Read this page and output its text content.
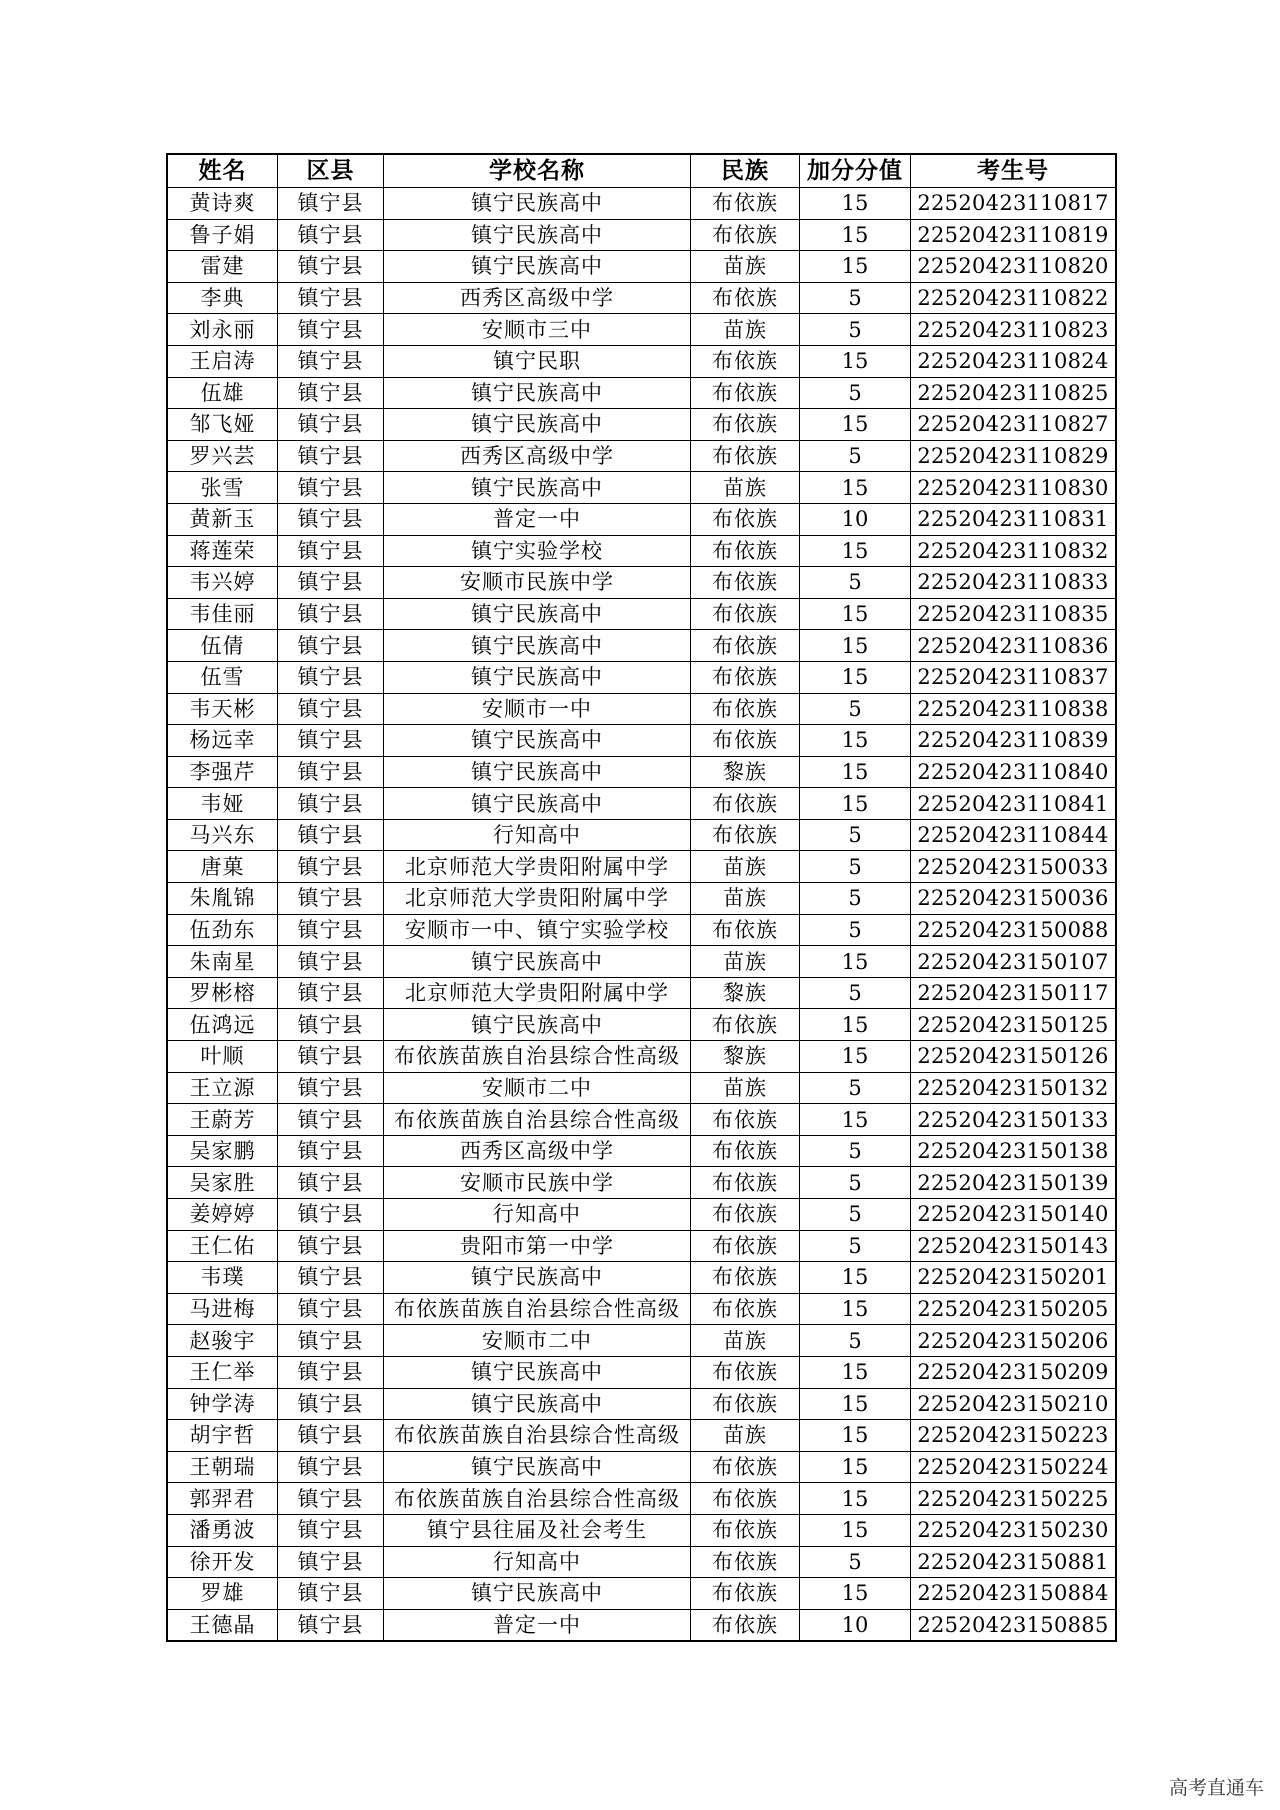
姓名	区县	学校名称	民族	加分分值	考生号
黄诗爽	镇宁县	镇宁民族高中	布依族	15	22520423110817
鲁子娟	镇宁县	镇宁民族高中	布依族	15	22520423110819
雷建	镇宁县	镇宁民族高中	苗族	15	22520423110820
李典	镇宁县	西秀区高级中学	布依族	5	22520423110822
刘永丽	镇宁县	安顺市三中	苗族	5	22520423110823
王启涛	镇宁县	镇宁民职	布依族	15	22520423110824
伍雄	镇宁县	镇宁民族高中	布依族	5	22520423110825
邹飞娅	镇宁县	镇宁民族高中	布依族	15	22520423110827
罗兴芸	镇宁县	西秀区高级中学	布依族	5	22520423110829
张雪	镇宁县	镇宁民族高中	苗族	15	22520423110830
黄新玉	镇宁县	普定一中	布依族	10	22520423110831
蒋莲荣	镇宁县	镇宁实验学校	布依族	15	22520423110832
韦兴婷	镇宁县	安顺市民族中学	布依族	5	22520423110833
韦佳丽	镇宁县	镇宁民族高中	布依族	15	22520423110835
伍倩	镇宁县	镇宁民族高中	布依族	15	22520423110836
伍雪	镇宁县	镇宁民族高中	布依族	15	22520423110837
韦天彬	镇宁县	安顺市一中	布依族	5	22520423110838
杨远幸	镇宁县	镇宁民族高中	布依族	15	22520423110839
李强芹	镇宁县	镇宁民族高中	黎族	15	22520423110840
韦娅	镇宁县	镇宁民族高中	布依族	15	22520423110841
马兴东	镇宁县	行知高中	布依族	5	22520423110844
唐菓	镇宁县	北京师范大学贵阳附属中学	苗族	5	22520423150033
朱胤锦	镇宁县	北京师范大学贵阳附属中学	苗族	5	22520423150036
伍劲东	镇宁县	安顺市一中、镇宁实验学校	布依族	5	22520423150088
朱南星	镇宁县	镇宁民族高中	苗族	15	22520423150107
罗彬榕	镇宁县	北京师范大学贵阳附属中学	黎族	5	22520423150117
伍鸿远	镇宁县	镇宁民族高中	布依族	15	22520423150125
叶顺	镇宁县	布依族苗族自治县综合性高级	黎族	15	22520423150126
王立源	镇宁县	安顺市二中	苗族	5	22520423150132
王蔚芳	镇宁县	布依族苗族自治县综合性高级	布依族	15	22520423150133
吴家鹏	镇宁县	西秀区高级中学	布依族	5	22520423150138
吴家胜	镇宁县	安顺市民族中学	布依族	5	22520423150139
姜婷婷	镇宁县	行知高中	布依族	5	22520423150140
王仁佑	镇宁县	贵阳市第一中学	布依族	5	22520423150143
韦璞	镇宁县	镇宁民族高中	布依族	15	22520423150201
马进梅	镇宁县	布依族苗族自治县综合性高级	布依族	15	22520423150205
赵骏宇	镇宁县	安顺市二中	苗族	5	22520423150206
王仁举	镇宁县	镇宁民族高中	布依族	15	22520423150209
钟学涛	镇宁县	镇宁民族高中	布依族	15	22520423150210
胡宇哲	镇宁县	布依族苗族自治县综合性高级	苗族	15	22520423150223
王朝瑞	镇宁县	镇宁民族高中	布依族	15	22520423150224
郭羿君	镇宁县	布依族苗族自治县综合性高级	布依族	15	22520423150225
潘勇波	镇宁县	镇宁县往届及社会考生	布依族	15	22520423150230
徐开发	镇宁县	行知高中	布依族	5	22520423150881
罗雄	镇宁县	镇宁民族高中	布依族	15	22520423150884
王德晶	镇宁县	普定一中	布依族	10	22520423150885
高考直通车
